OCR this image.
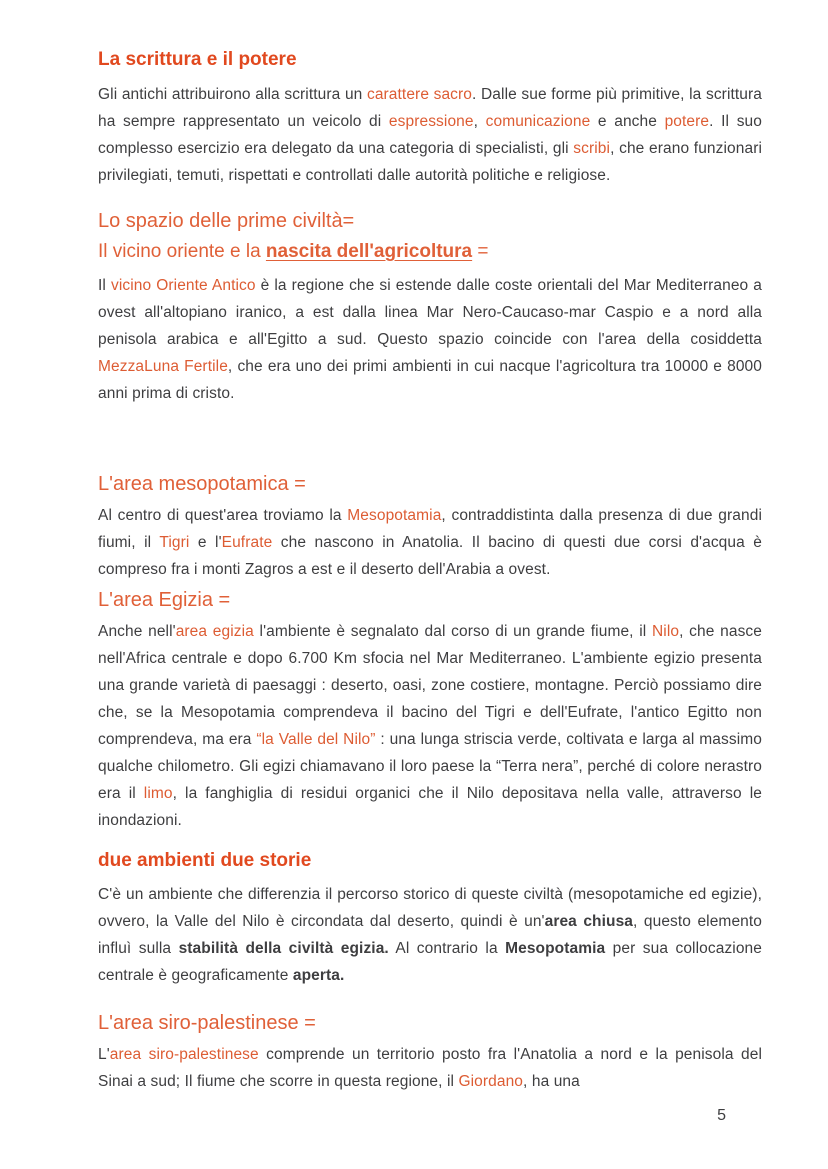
La scrittura e il potere
Gli antichi attribuirono alla scrittura un carattere sacro. Dalle sue forme più primitive, la scrittura ha sempre rappresentato un veicolo di espressione, comunicazione e anche potere. Il suo complesso esercizio era delegato da una categoria di specialisti, gli scribi, che erano funzionari privilegiati, temuti, rispettati e controllati dalle autorità politiche e religiose.
Lo spazio delle prime civiltà=
Il vicino oriente e la nascita dell'agricoltura =
Il vicino Oriente Antico è la regione che si estende dalle coste orientali del Mar Mediterraneo a ovest all'altopiano iranico, a est dalla linea Mar Nero-Caucaso-mar Caspio e a nord alla penisola arabica e all'Egitto a sud. Questo spazio coincide con l'area della cosiddetta MezzaLuna Fertile, che era uno dei primi ambienti in cui nacque l'agricoltura tra 10000 e 8000 anni prima di cristo.
L'area mesopotamica =
Al centro di quest'area troviamo la Mesopotamia, contraddistinta dalla presenza di due grandi fiumi, il Tigri e l'Eufrate che nascono in Anatolia. Il bacino di questi due corsi d'acqua è compreso fra i monti Zagros a est e il deserto dell'Arabia a ovest.
L'area Egizia =
Anche nell'area egizia l'ambiente è segnalato dal corso di un grande fiume, il Nilo, che nasce nell'Africa centrale e dopo 6.700 Km sfocia nel Mar Mediterraneo. L'ambiente egizio presenta una grande varietà di paesaggi : deserto, oasi, zone costiere, montagne. Perciò possiamo dire che, se la Mesopotamia comprendeva il bacino del Tigri e dell'Eufrate, l'antico Egitto non comprendeva, ma era “la Valle del Nilo” : una lunga striscia verde, coltivata e larga al massimo qualche chilometro. Gli egizi chiamavano il loro paese la “Terra nera”, perché di colore nerastro era il limo, la fanghiglia di residui organici che il Nilo depositava nella valle, attraverso le inondazioni.
due ambienti due storie
C'è un ambiente che differenzia il percorso storico di queste civiltà (mesopotamiche ed egizie), ovvero, la Valle del Nilo è circondata dal deserto, quindi è un'area chiusa, questo elemento influì sulla stabilità della civiltà egizia. Al contrario la Mesopotamia per sua collocazione centrale è geograficamente aperta.
L'area siro-palestinese =
L'area siro-palestinese comprende un territorio posto fra l'Anatolia a nord e la penisola del Sinai a sud; Il fiume che scorre in questa regione, il Giordano, ha una
5
